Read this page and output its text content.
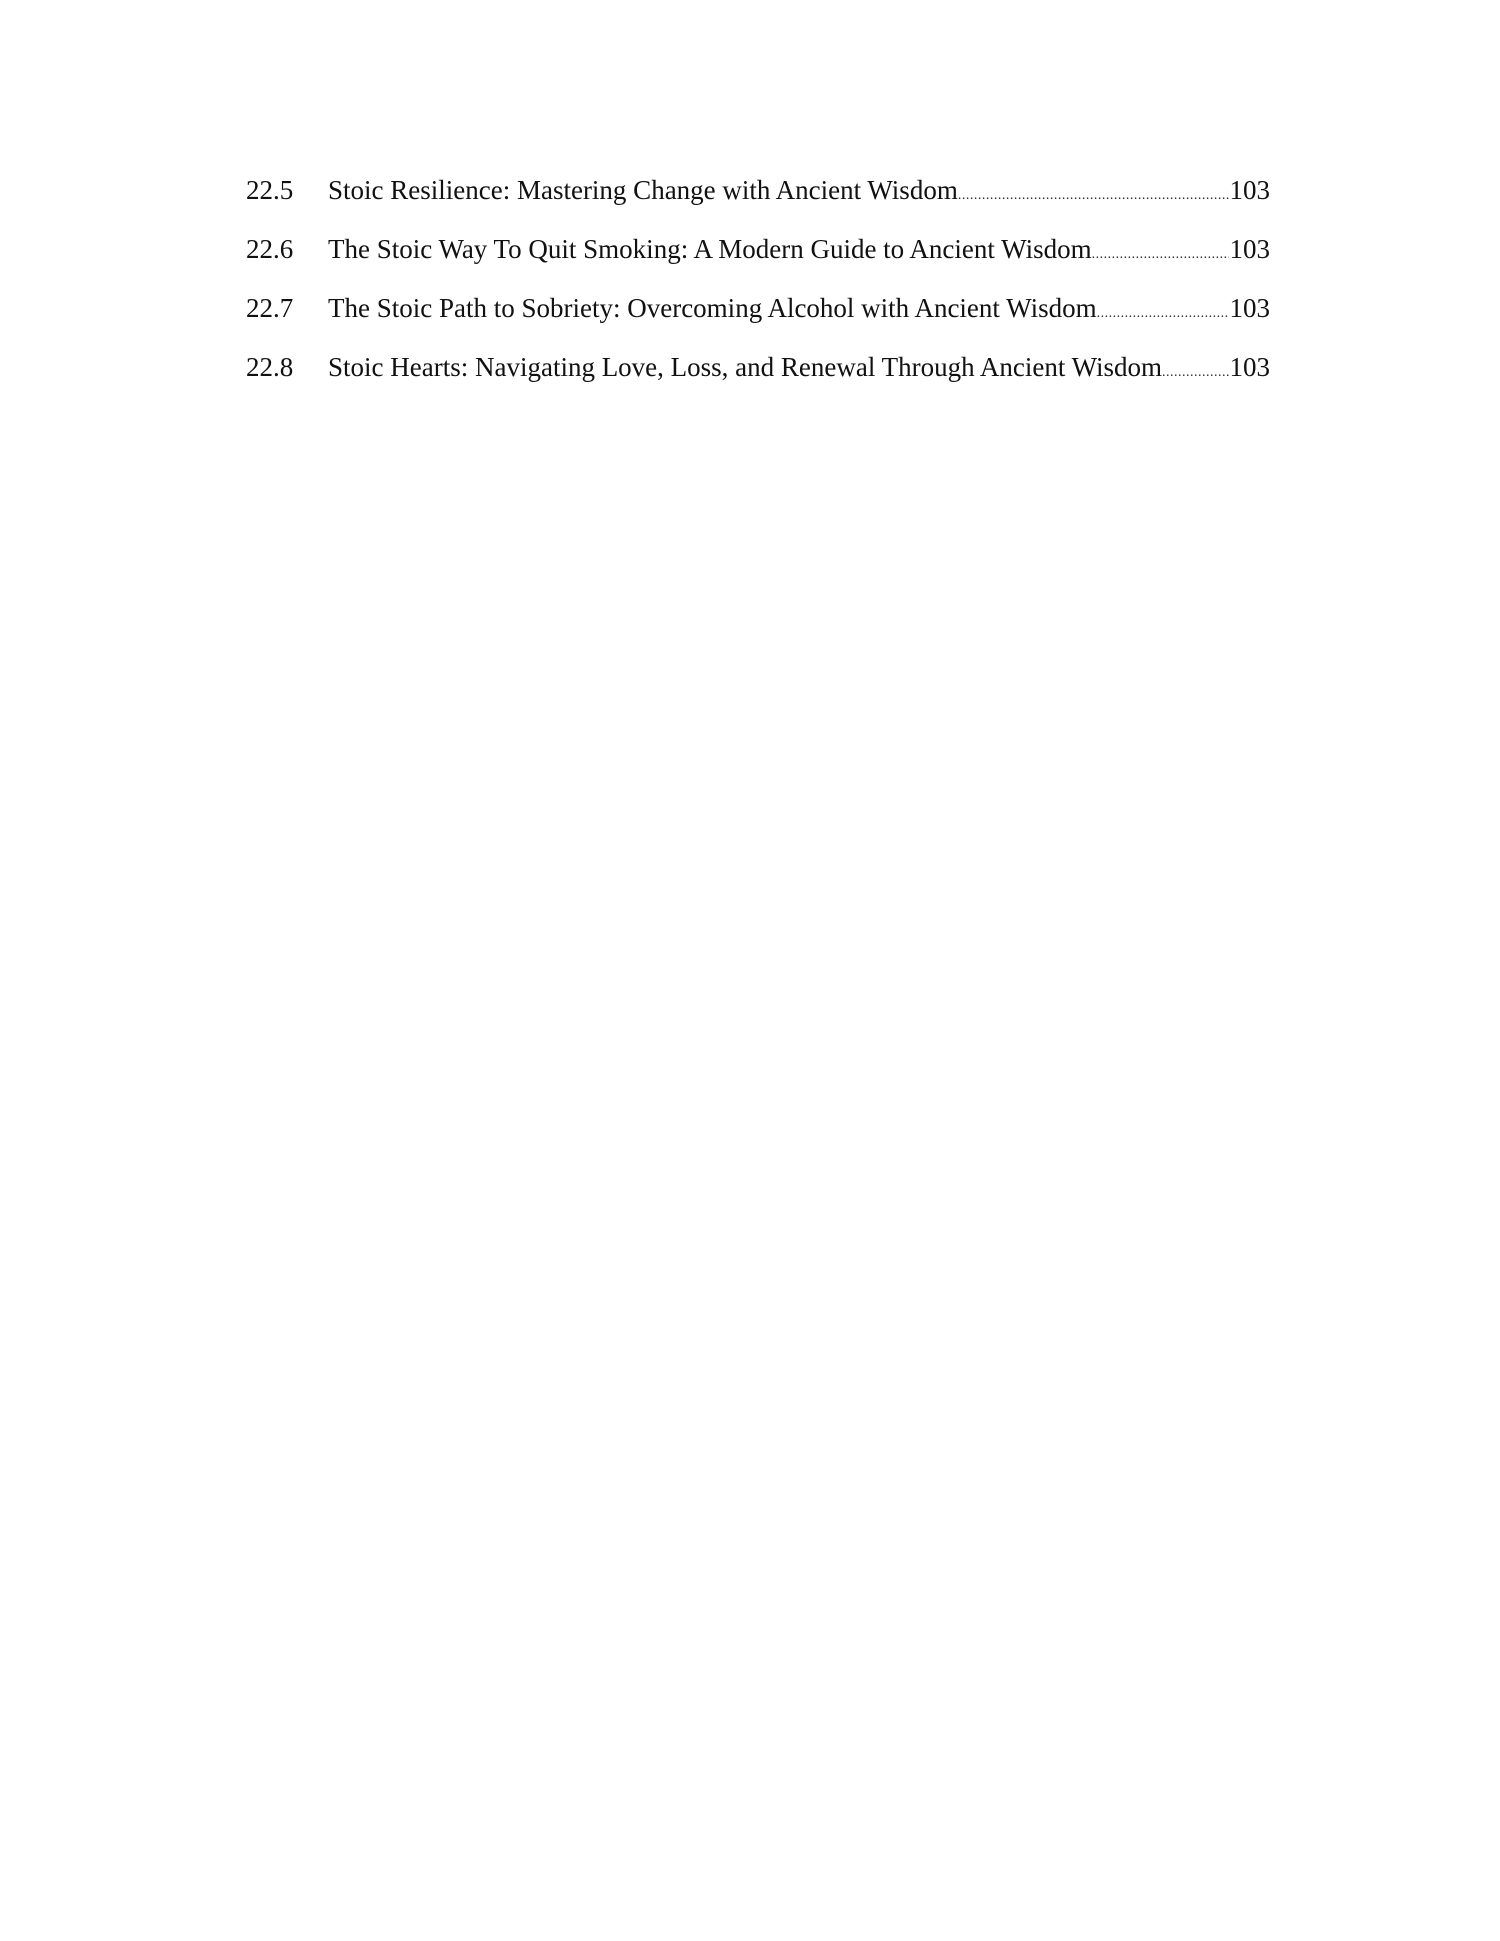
22.5	Stoic Resilience: Mastering Change with Ancient Wisdom .....	103
22.6	The Stoic Way To Quit Smoking: A Modern Guide to Ancient Wisdom .....	103
22.7	The Stoic Path to Sobriety: Overcoming Alcohol with Ancient Wisdom .....	103
22.8	Stoic Hearts: Navigating Love, Loss, and Renewal Through Ancient Wisdom ..... 103
